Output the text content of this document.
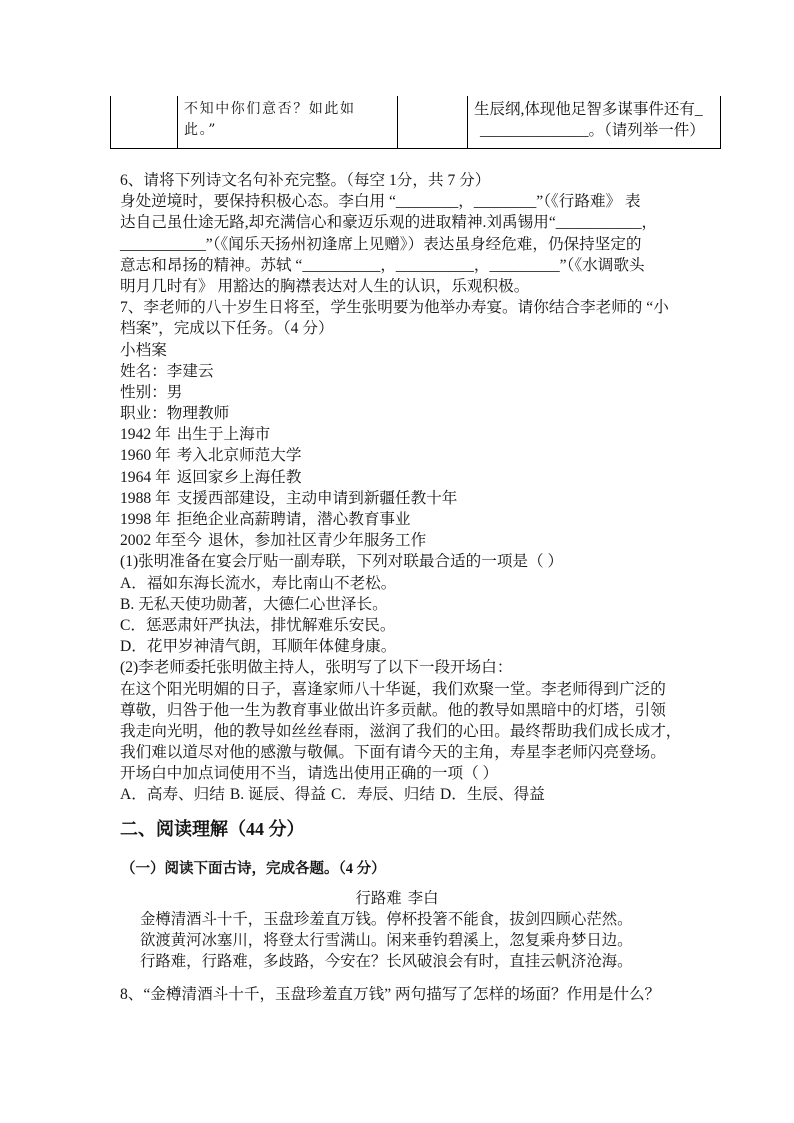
不知中你们意否？如此如
此。”
生辰纲,体现他足智多谋事件还有_
______________。（请列举一件）
6、请将下列诗文名句补充完整。（每空 1分，共 7 分）
身处逆境时，要保持积极心态。李白用 “________，________”（《行路难》 表
达自己虽仕途无路,却充满信心和豪迈乐观的进取精神.刘禹锡用“___________，
___________”（《闻乐天扬州初逢席上见赠》）表达虽身经危难，仍保持坚定的
意志和昂扬的精神。苏轼 “__________，__________，_________”（《水调歌头
明月几时有》 用豁达的胸襟表达对人生的认识，乐观积极。
7、李老师的八十岁生日将至，学生张明要为他举办寿宴。请你结合李老师的 “小
档案”，完成以下任务。（4 分）
小档案
姓名：李建云
性别：男
职业：物理教师
1942 年 出生于上海市
1960 年 考入北京师范大学
1964 年 返回家乡上海任教
1988 年 支援西部建设，主动申请到新疆任教十年
1998 年 拒绝企业高薪聘请，潜心教育事业
2002 年至今 退休，参加社区青少年服务工作
(1)张明准备在宴会厅贴一副寿联，下列对联最合适的一项是（ ）
A．福如东海长流水，寿比南山不老松。
B. 无私天使功勋著，大德仁心世泽长。
C．惩恶肃奸严执法，排忧解难乐安民。
D．花甲岁神清气朗，耳顺年体健身康。
(2)李老师委托张明做主持人，张明写了以下一段开场白：
在这个阳光明媚的日子，喜逢家师八十华诞，我们欢聚一堂。李老师得到广泛的
尊敬，归咎于他一生为教育事业做出许多贡献。他的教导如黑暗中的灯塔，引领
我走向光明，他的教导如丝丝春雨，滋润了我们的心田。最终帮助我们成长成才，
我们难以道尽对他的感激与敬佩。下面有请今天的主角，寿星李老师闪亮登场。
开场白中加点词使用不当，请选出使用正确的一项（ ）
A．高寿、归结 B. 诞辰、得益 C．寿辰、归结 D．生辰、得益
二、阅读理解（44 分）
（一）阅读下面古诗，完成各题。（4 分）
行路难 李白
金樽清酒斗十千，玉盘珍羞直万钱。停杯投箸不能食，拔剑四顾心茫然。
欲渡黄河冰塞川，将登太行雪满山。闲来垂钓碧溪上，忽复乘舟梦日边。
行路难，行路难，多歧路，今安在？长风破浪会有时，直挂云帆济沧海。
8、“金樽清酒斗十千，玉盘珍羞直万钱” 两句描写了怎样的场面？作用是什么？
